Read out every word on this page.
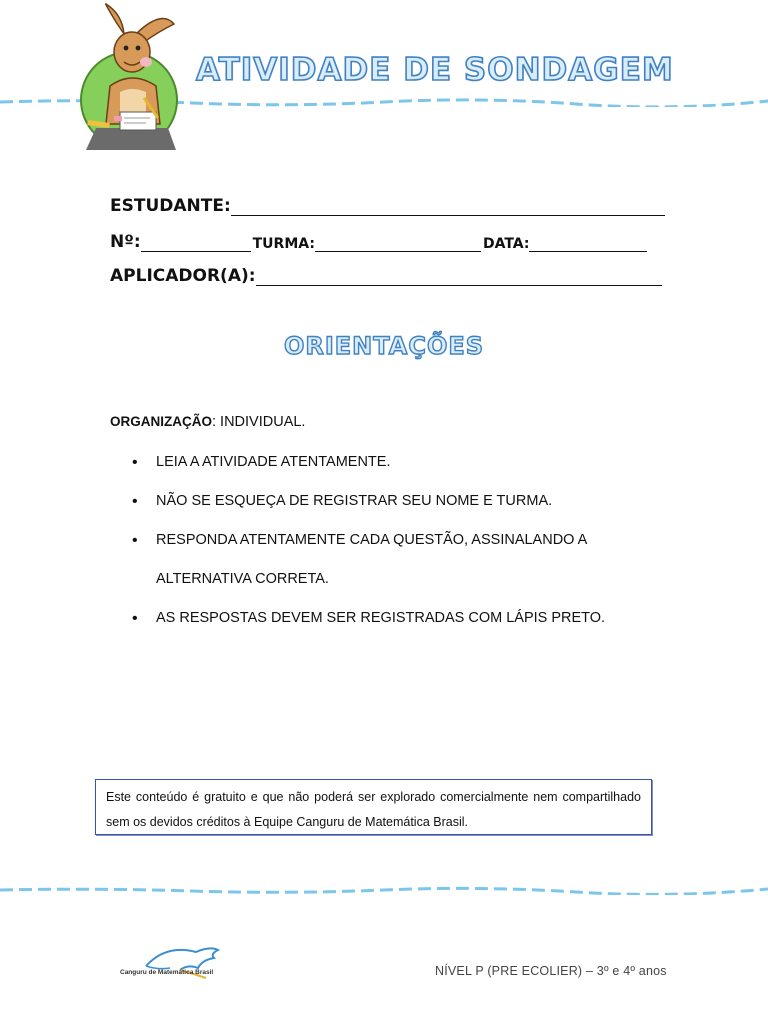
ATIVIDADE DE SONDAGEM
ESTUDANTE:
Nº:	TURMA:	DATA:
APLICADOR(A):
ORIENTAÇÕES
ORGANIZAÇÃO: INDIVIDUAL.
• LEIA A ATIVIDADE ATENTAMENTE.
• NÃO SE ESQUEÇA DE REGISTRAR SEU NOME E TURMA.
• RESPONDA ATENTAMENTE CADA QUESTÃO, ASSINALANDO A
ALTERNATIVA CORRETA.
• AS RESPOSTAS DEVEM SER REGISTRADAS COM LÁPIS PRETO.
Este conteúdo é gratuito e que não poderá ser explorado comercialmente nem compartilhado sem os devidos créditos à Equipe Canguru de Matemática Brasil.
Canguru de Matemática Brasil	NÍVEL P (PRE ECOLIER) – 3º e 4º anos
